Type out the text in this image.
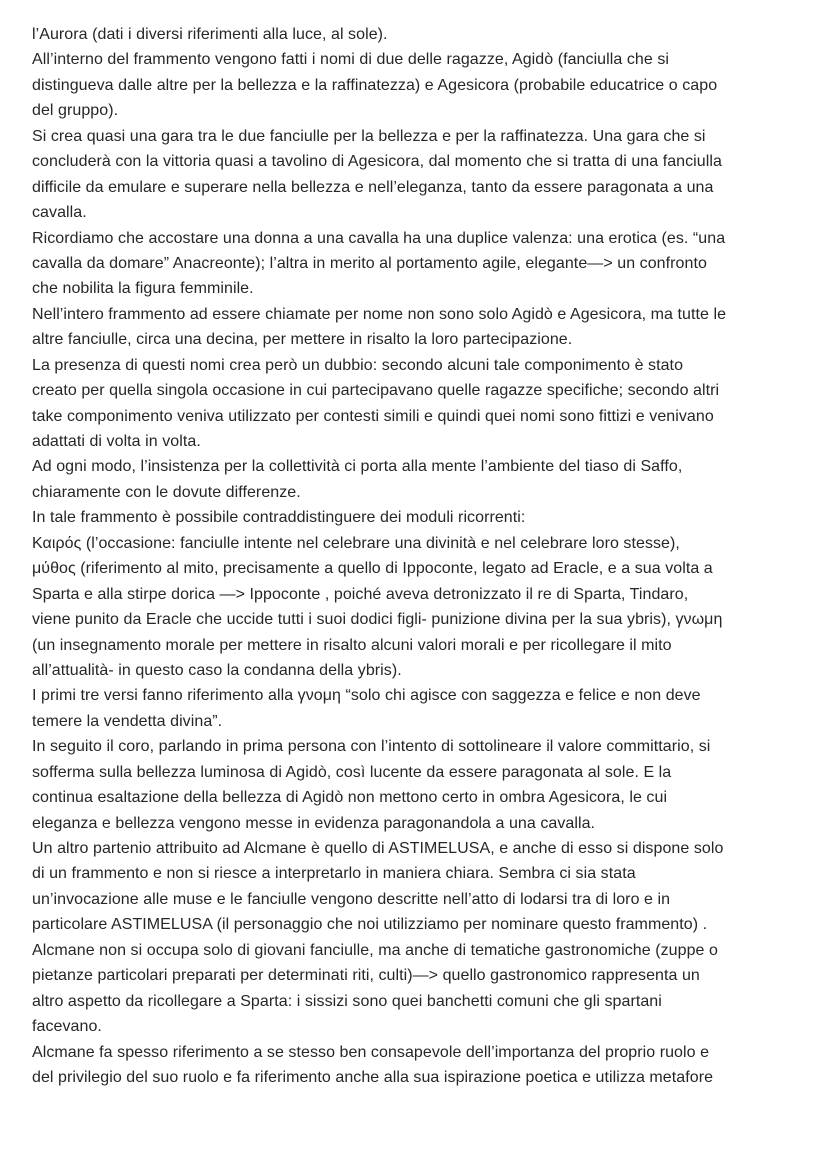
l’Aurora (dati i diversi riferimenti alla luce, al sole).
All’interno del frammento vengono fatti i nomi di due delle ragazze, Agidò (fanciulla che si
distingueva dalle altre per la bellezza e la raffinatezza) e Agesicora (probabile educatrice o capo
del gruppo).
Si crea quasi una gara tra le due fanciulle per la bellezza e per la raffinatezza. Una gara che si
concluderà con la vittoria quasi a tavolino di Agesicora, dal momento che si tratta di una fanciulla
difficile da emulare e superare nella bellezza e nell’eleganza, tanto da essere paragonata a una
cavalla.
Ricordiamo che accostare una donna a una cavalla ha una duplice valenza: una erotica (es. “una
cavalla da domare” Anacreonte); l’altra in merito al portamento agile, elegante—> un confronto
che nobilita la figura femminile.
Nell’intero frammento ad essere chiamate per nome non sono solo Agidò e Agesicora, ma tutte le
altre fanciulle, circa una decina, per mettere in risalto la loro partecipazione.
La presenza di questi nomi crea però un dubbio: secondo alcuni tale componimento è stato
creato per quella singola occasione in cui partecipavano quelle ragazze specifiche; secondo altri
take componimento veniva utilizzato per contesti simili e quindi quei nomi sono fittizi e venivano
adattati di volta in volta.
Ad ogni modo, l’insistenza per la collettività ci porta alla mente l’ambiente del tiaso di Saffo,
chiaramente con le dovute differenze.
In tale frammento è possibile contraddistinguere dei moduli ricorrenti:
Καιρός (l’occasione: fanciulle intente nel celebrare una divinità e nel celebrare loro stesse),
μύθος (riferimento al mito, precisamente a quello di Ippoconte, legato ad Eracle, e a sua volta a
Sparta e alla stirpe dorica —> Ippoconte , poiché aveva detronizzato il re di Sparta, Tindaro,
viene punito da Eracle che uccide tutti i suoi dodici figli- punizione divina per la sua ybris), γνωμη
(un insegnamento morale per mettere in risalto alcuni valori morali e per ricollegare il mito
all’attualità- in questo caso la condanna della ybris).
I primi tre versi fanno riferimento alla γνομη “solo chi agisce con saggezza e felice e non deve
temere la vendetta divina”.
In seguito il coro, parlando in prima persona con l’intento di sottolineare il valore committario, si
sofferma sulla bellezza luminosa di Agidò, così lucente da essere paragonata al sole. E la
continua esaltazione della bellezza di Agidò non mettono certo in ombra Agesicora, le cui
eleganza e bellezza vengono messe in evidenza paragonandola a una cavalla.
Un altro partenio attribuito ad Alcmane è quello di ASTIMELUSA, e anche di esso si dispone solo
di un frammento e non si riesce a interpretarlo in maniera chiara. Sembra ci sia stata
un’invocazione alle muse e le fanciulle vengono descritte nell’atto di lodarsi tra di loro e in
particolare ASTIMELUSA (il personaggio che noi utilizziamo per nominare questo frammento) .
Alcmane non si occupa solo di giovani fanciulle, ma anche di tematiche gastronomiche (zuppe o
pietanze particolari preparati per determinati riti, culti)—> quello gastronomico rappresenta un
altro aspetto da ricollegare a Sparta: i sissizi sono quei banchetti comuni che gli spartani
facevano.
Alcmane fa spesso riferimento a se stesso ben consapevole dell’importanza del proprio ruolo e
del privilegio del suo ruolo e fa riferimento anche alla sua ispirazione poetica e utilizza metafore
